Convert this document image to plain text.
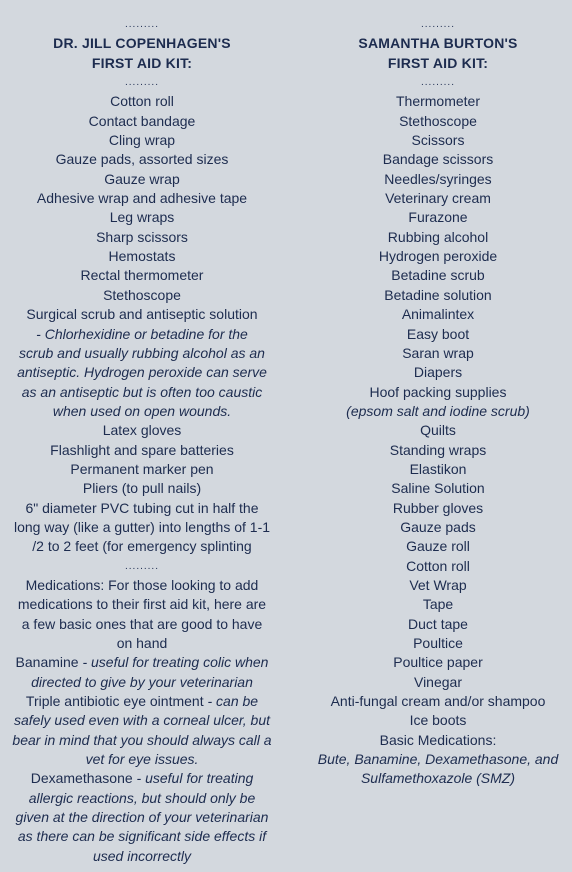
.........
DR. JILL COPENHAGEN'S
FIRST AID KIT:
.........
Cotton roll
Contact bandage
Cling wrap
Gauze pads, assorted sizes
Gauze wrap
Adhesive wrap and adhesive tape
Leg wraps
Sharp scissors
Hemostats
Rectal thermometer
Stethoscope
Surgical scrub and antiseptic solution
- Chlorhexidine or betadine for the
scrub and usually rubbing alcohol as an
antiseptic. Hydrogen peroxide can serve
as an antiseptic but is often too caustic
when used on open wounds.
Latex gloves
Flashlight and spare batteries
Permanent marker pen
Pliers (to pull nails)
6" diameter PVC tubing cut in half the
long way (like a gutter) into lengths of 1-1
/2 to 2 feet (for emergency splinting
.........
Medications: For those looking to add
medications to their first aid kit, here are
a few basic ones that are good to have
on hand
Banamine - useful for treating colic when
directed to give by your veterinarian
Triple antibiotic eye ointment - can be
safely used even with a corneal ulcer, but
bear in mind that you should always call a
vet for eye issues.
Dexamethasone - useful for treating
allergic reactions, but should only be
given at the direction of your veterinarian
as there can be significant side effects if
used incorrectly
.........
SAMANTHA BURTON'S
FIRST AID KIT:
.........
Thermometer
Stethoscope
Scissors
Bandage scissors
Needles/syringes
Veterinary cream
Furazone
Rubbing alcohol
Hydrogen peroxide
Betadine scrub
Betadine solution
Animalintex
Easy boot
Saran wrap
Diapers
Hoof packing supplies
(epsom salt and iodine scrub)
Quilts
Standing wraps
Elastikon
Saline Solution
Rubber gloves
Gauze pads
Gauze roll
Cotton roll
Vet Wrap
Tape
Duct tape
Poultice
Poultice paper
Vinegar
Anti-fungal cream and/or shampoo
Ice boots
Basic Medications:
Bute, Banamine, Dexamethasone, and
Sulfamethoxazole (SMZ)
